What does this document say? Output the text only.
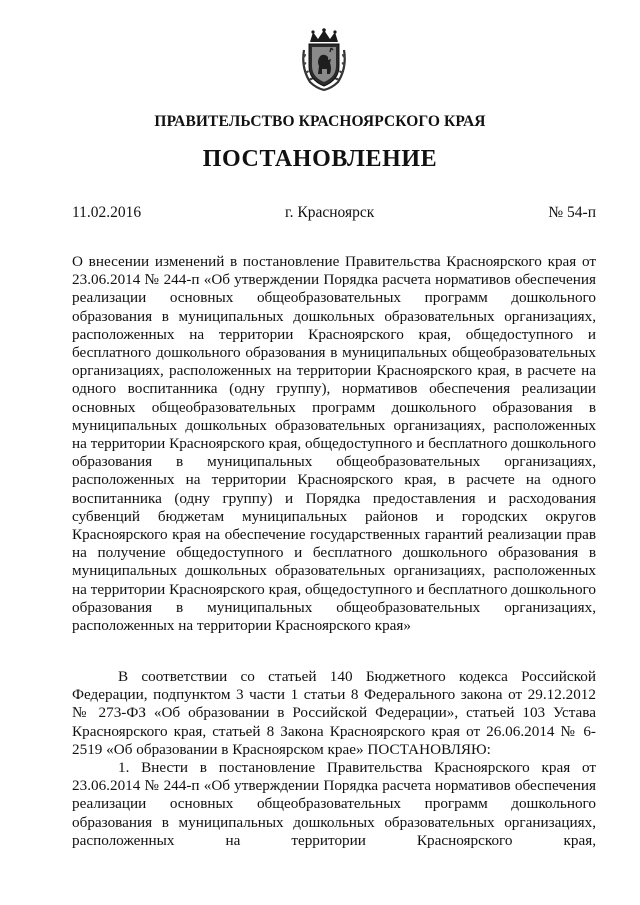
ПРАВИТЕЛЬСТВО КРАСНОЯРСКОГО КРАЯ
ПОСТАНОВЛЕНИЕ
11.02.2016	г. Красноярск	№ 54-п
О внесении изменений в постановление Правительства Красноярского края от 23.06.2014 № 244-п «Об утверждении Порядка расчета нормативов обеспечения реализации основных общеобразовательных программ дошкольного образования в муниципальных дошкольных образовательных организациях, расположенных на территории Красноярского края, общедоступного и бесплатного дошкольного образования в муниципальных общеобразовательных организациях, расположенных на территории Красноярского края, в расчете на одного воспитанника (одну группу), нормативов обеспечения реализации основных общеобразовательных программ дошкольного образования в муниципальных дошкольных образовательных организациях, расположенных на территории Красноярского края, общедоступного и бесплатного дошкольного образования в муниципальных общеобразовательных организациях, расположенных на территории Красноярского края, в расчете на одного воспитанника (одну группу) и Порядка предоставления и расходования субвенций бюджетам муниципальных районов и городских округов Красноярского края на обеспечение государственных гарантий реализации прав на получение общедоступного и бесплатного дошкольного образования в муниципальных дошкольных образовательных организациях, расположенных на территории Красноярского края, общедоступного и бесплатного дошкольного образования в муниципальных общеобразовательных организациях, расположенных на территории Красноярского края»

В соответствии со статьей 140 Бюджетного кодекса Российской Федерации, подпунктом 3 части 1 статьи 8 Федерального закона от 29.12.2012 № 273-ФЗ «Об образовании в Российской Федерации», статьей 103 Устава Красноярского края, статьей 8 Закона Красноярского края от 26.06.2014 № 6-2519 «Об образовании в Красноярском крае» ПОСТАНОВЛЯЮ:

1. Внести в постановление Правительства Красноярского края от 23.06.2014 № 244-п «Об утверждении Порядка расчета нормативов обеспечения реализации основных общеобразовательных программ дошкольного образования в муниципальных дошкольных образовательных организациях, расположенных на территории Красноярского края,
